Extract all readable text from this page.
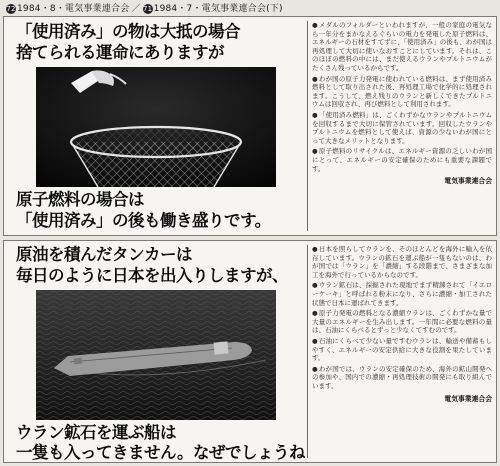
721984・8・電気事業連合会 ／ 711984・7・電気事業連合会(下)
「使用済み」の物は大抵の場合
捨てられる運命にありますが
原子燃料の場合は
「使用済み」の後も働き盛りです。

●メダルのフォルダーといわれますが、一般の家庭の電気なら一年分をまかなえるぐらいの電力を発電した原子燃料は、エネルギーの石材をすてずに、「使用済み」の後も、わが国は再処理して大切に使いなおすことにしています。それは、このほぼの燃料の中には、まだ使えるウランやプルトニウムがたくさん残っているからです。

●わが国の原子力発電に使われている燃料は、まず使用済み燃料として取り出された後、再処理工場で化学的に処理されます。こうして、燃え残りのウランと新しくできたプルトニウムは回収され、再び燃料として利用されます。

●「使用済み燃料」は、ごくわずかなウランやプルトニウムを回収するまで大切に保管されています。回収したウランやプルトニウムを燃料として使えば、資源の少ないわが国にとって大きなメリットとなります。

●原子燃料のリサイクルは、エネルギー資源の乏しいわが国にとって、エネルギーの安定確保のためにも重要な課題です。

電気事業連合会
原油を積んだタンカーは
毎日のように日本を出入りしますが、
ウラン鉱石を運ぶ船は
一隻も入ってきません。なぜでしょうね

●日本を照らしてウランを、そのほとんどを海外に輸入を依存しています。ウランの鉱石を運ぶ船が一隻もないのは、わが国では「ウラン」を「濃縮」する段階まで、さまざまな加工を海外で行っているからなのです。

●ウラン鉱石は、採掘された現地でまず精錬されて「イエローケーキ」と呼ばれる粉末になり、さらに濃縮・加工された状態で日本に運ばれてきます。

●原子力発電の燃料となる濃縮ウランは、ごくわずかな量で大量のエネルギーを生み出します。一年間に必要な燃料の量は、石油にくらべるとずっと少なくてすむのです。

●石油にくらべて少ない量ですむウランは、輸送や備蓄もしやすく、エネルギーの安定供給に大きな役割を果たしています。

●わが国では、ウランの安定確保のため、海外の鉱山開発への参加や、国内での濃縮・再処理技術の開発にも取り組んでいます。

電気事業連合会
